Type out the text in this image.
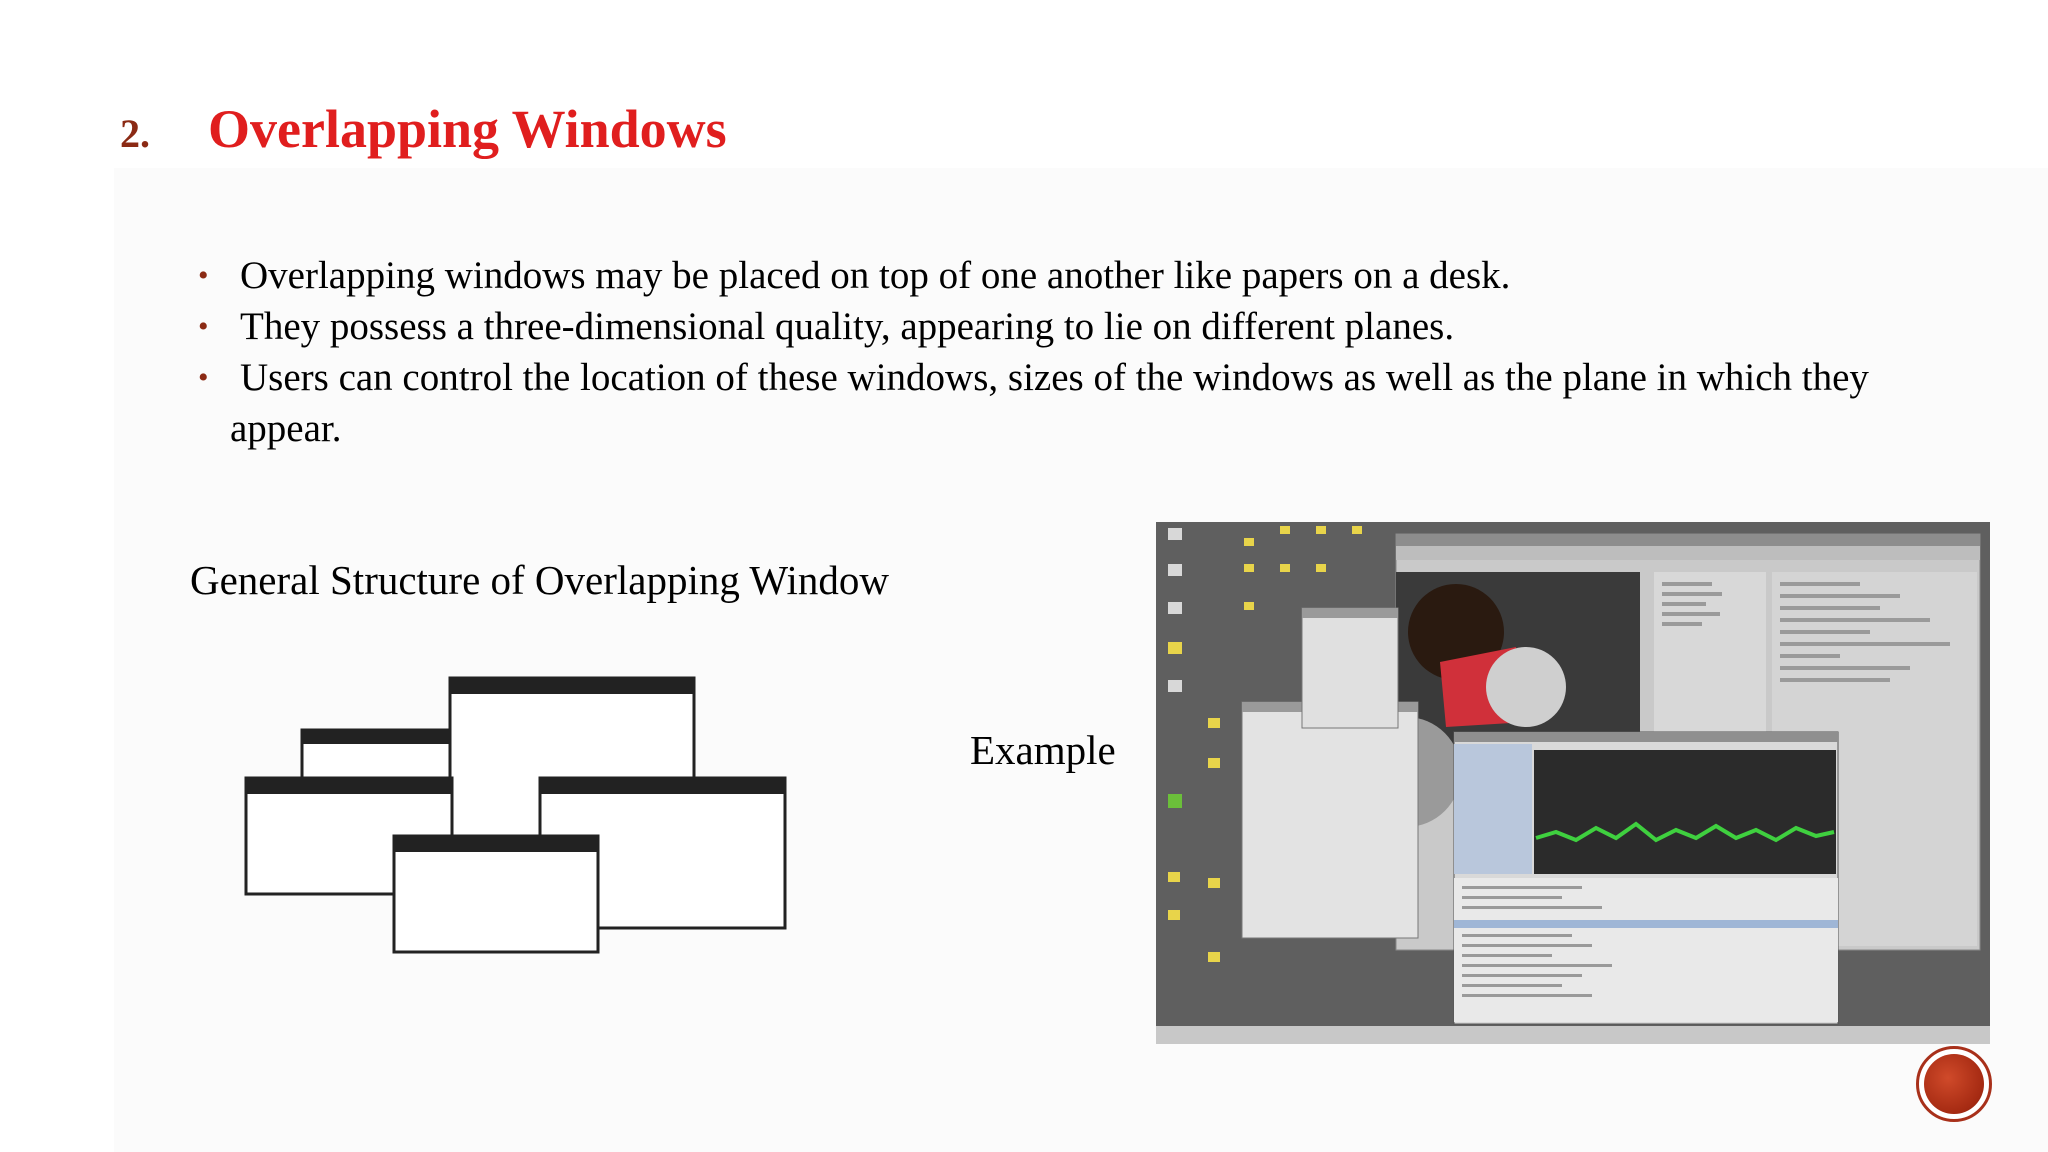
2. Overlapping Windows
• Overlapping windows may be placed on top of one another like papers on a desk.
• They possess a three-dimensional quality, appearing to lie on different planes.
• Users can control the location of these windows, sizes of the windows as well as the plane in which they appear.
General Structure of Overlapping Window
Example
